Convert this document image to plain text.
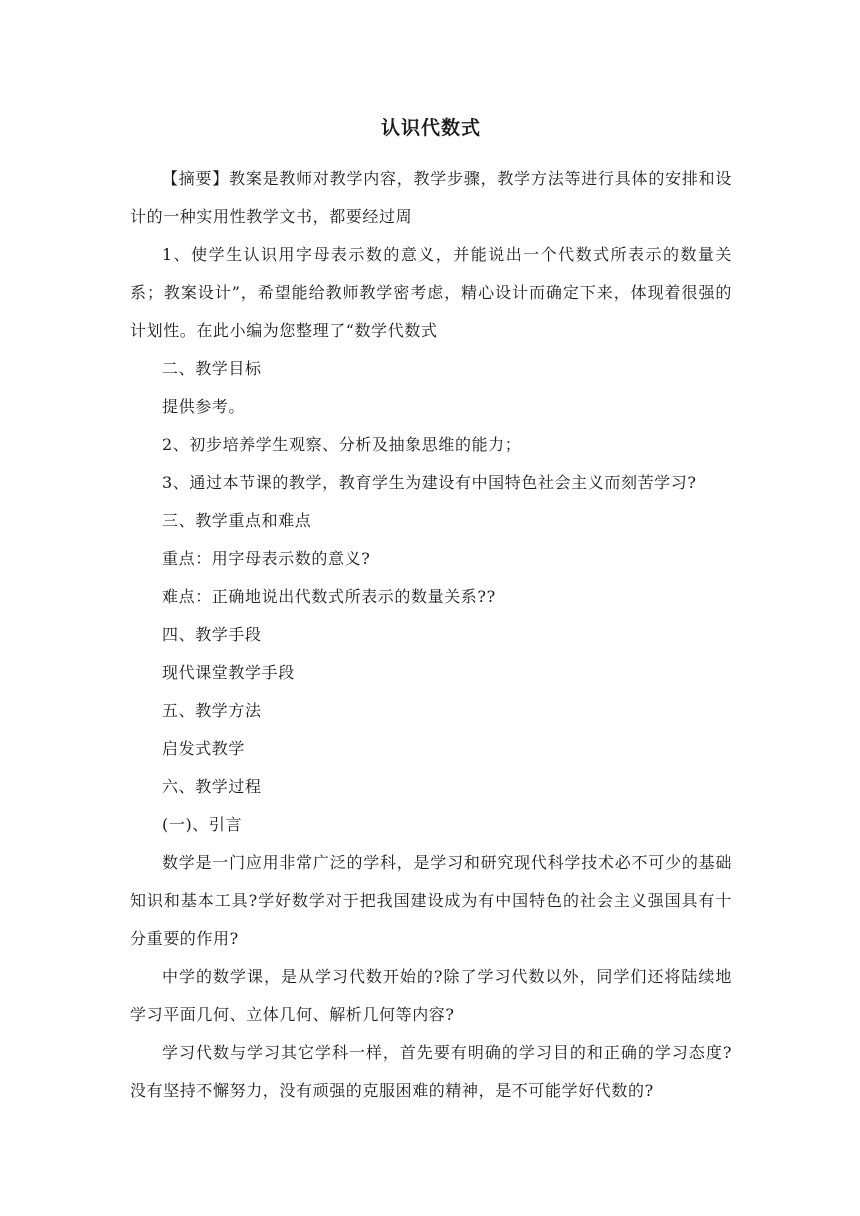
认识代数式

【摘要】教案是教师对教学内容，教学步骤，教学方法等进行具体的安排和设计的一种实用性教学文书，都要经过周

1、使学生认识用字母表示数的意义，并能说出一个代数式所表示的数量关系；教案设计”，希望能给教师教学密考虑，精心设计而确定下来，体现着很强的计划性。在此小编为您整理了“数学代数式

二、教学目标

提供参考。

2、初步培养学生观察、分析及抽象思维的能力；

3、通过本节课的教学，教育学生为建设有中国特色社会主义而刻苦学习?

三、教学重点和难点

重点：用字母表示数的意义?

难点：正确地说出代数式所表示的数量关系??

四、教学手段

现代课堂教学手段

五、教学方法

启发式教学

六、教学过程

(一)、引言

数学是一门应用非常广泛的学科，是学习和研究现代科学技术必不可少的基础知识和基本工具?学好数学对于把我国建设成为有中国特色的社会主义强国具有十分重要的作用?

中学的数学课，是从学习代数开始的?除了学习代数以外，同学们还将陆续地学习平面几何、立体几何、解析几何等内容?

学习代数与学习其它学科一样，首先要有明确的学习目的和正确的学习态度?没有坚持不懈努力，没有顽强的克服困难的精神，是不可能学好代数的?
